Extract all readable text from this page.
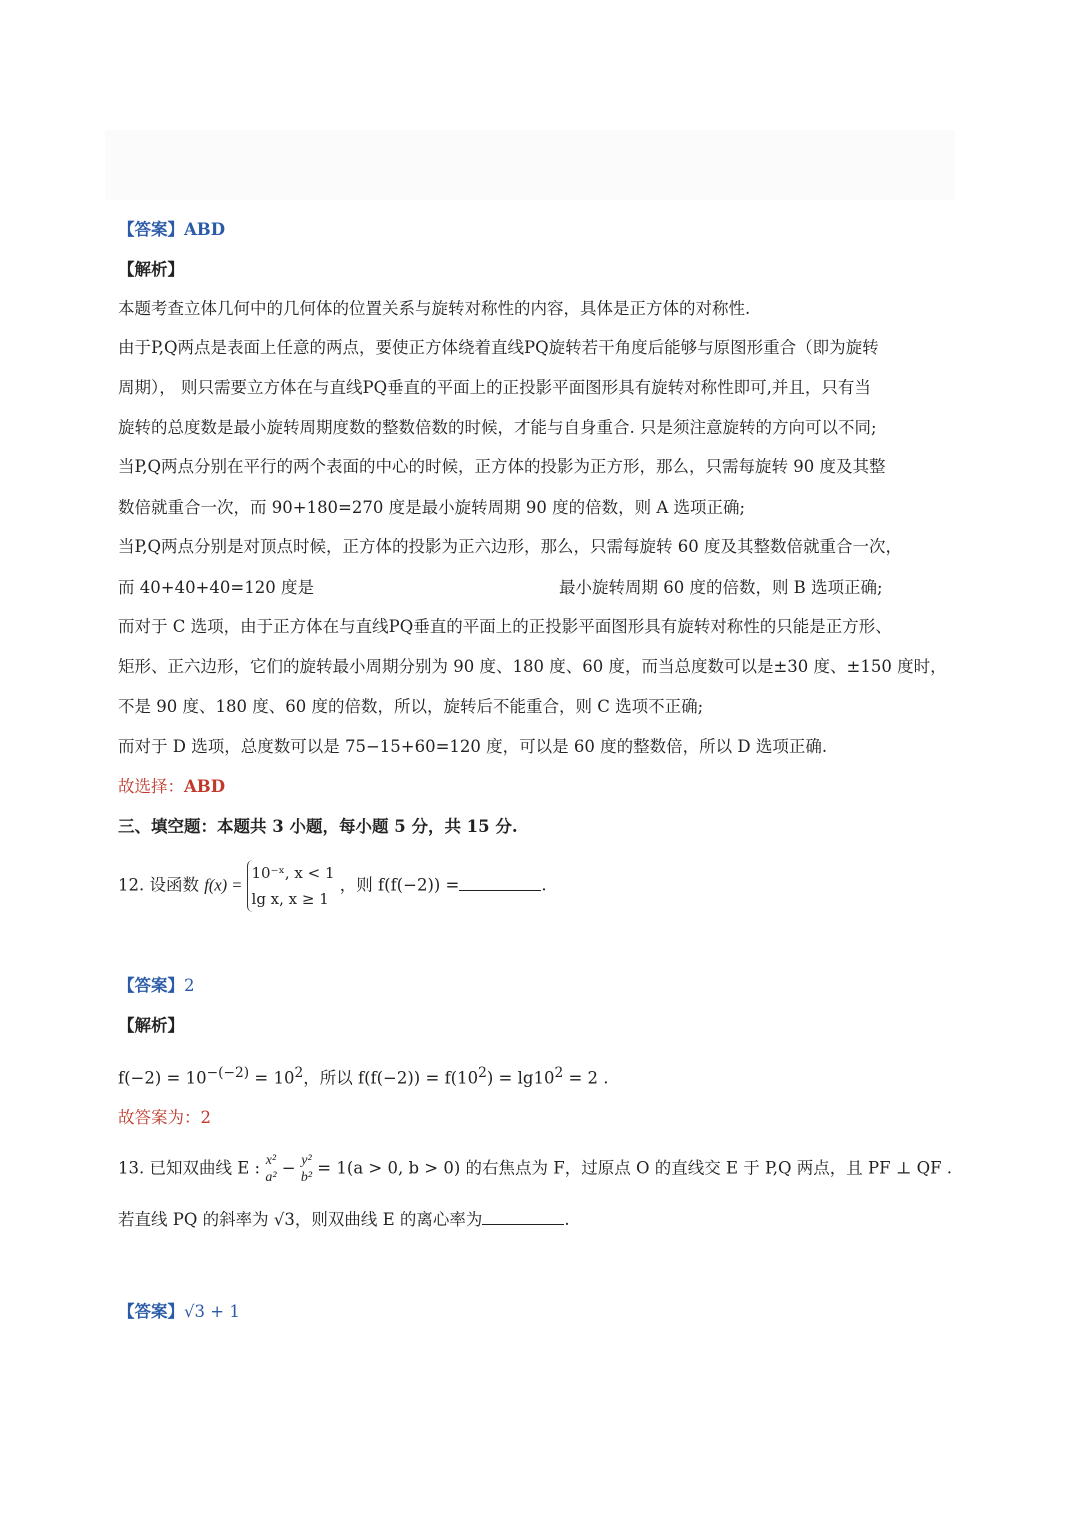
【答案】ABD
【解析】
本题考查立体几何中的几何体的位置关系与旋转对称性的内容，具体是正方体的对称性.
由于P,Q两点是表面上任意的两点，要使正方体绕着直线PQ旋转若干角度后能够与原图形重合（即为旋转
周期）， 则只需要立方体在与直线PQ垂直的平面上的正投影平面图形具有旋转对称性即可,并且，只有当
旋转的总度数是最小旋转周期度数的整数倍数的时候，才能与自身重合. 只是须注意旋转的方向可以不同;
当P,Q两点分别在平行的两个表面的中心的时候，正方体的投影为正方形，那么，只需每旋转 90 度及其整
数倍就重合一次，而 90+180=270 度是最小旋转周期 90 度的倍数，则 A 选项正确;
当P,Q两点分别是对顶点时候，正方体的投影为正六边形，那么，只需每旋转 60 度及其整数倍就重合一次，
而 40+40+40=120 度是	最小旋转周期 60 度的倍数，则 B 选项正确;
而对于 C 选项，由于正方体在与直线PQ垂直的平面上的正投影平面图形具有旋转对称性的只能是正方形、
矩形、正六边形，它们的旋转最小周期分别为 90 度、180 度、60 度，而当总度数可以是±30 度、±150 度时，
不是 90 度、180 度、60 度的倍数，所以，旋转后不能重合，则 C 选项不正确;
而对于 D 选项，总度数可以是 75−15+60=120 度，可以是 60 度的整数倍，所以 D 选项正确.
故选择：ABD
三、填空题：本题共 3 小题，每小题 5 分，共 15 分.
12. 设函数 f(x) =
10⁻ˣ, x < 1
lg x, x ≥ 1
，则 f(f(−2)) =	.
【答案】2
【解析】
$f(-2) = 10^{-(-2)} = 10^2$，所以 $f(f(-2)) = f(10^2) = \lg 10^2 = 2$ .
故答案为：2
13. 已知双曲线 E : x²
a² − y²
b² = 1(a > 0, b > 0) 的右焦点为 F，过原点 O 的直线交 E 于 P,Q 两点，且 PF ⊥ QF .
若直线 PQ 的斜率为 √3，则双曲线 E 的离心率为	.
【答案】√3 + 1
